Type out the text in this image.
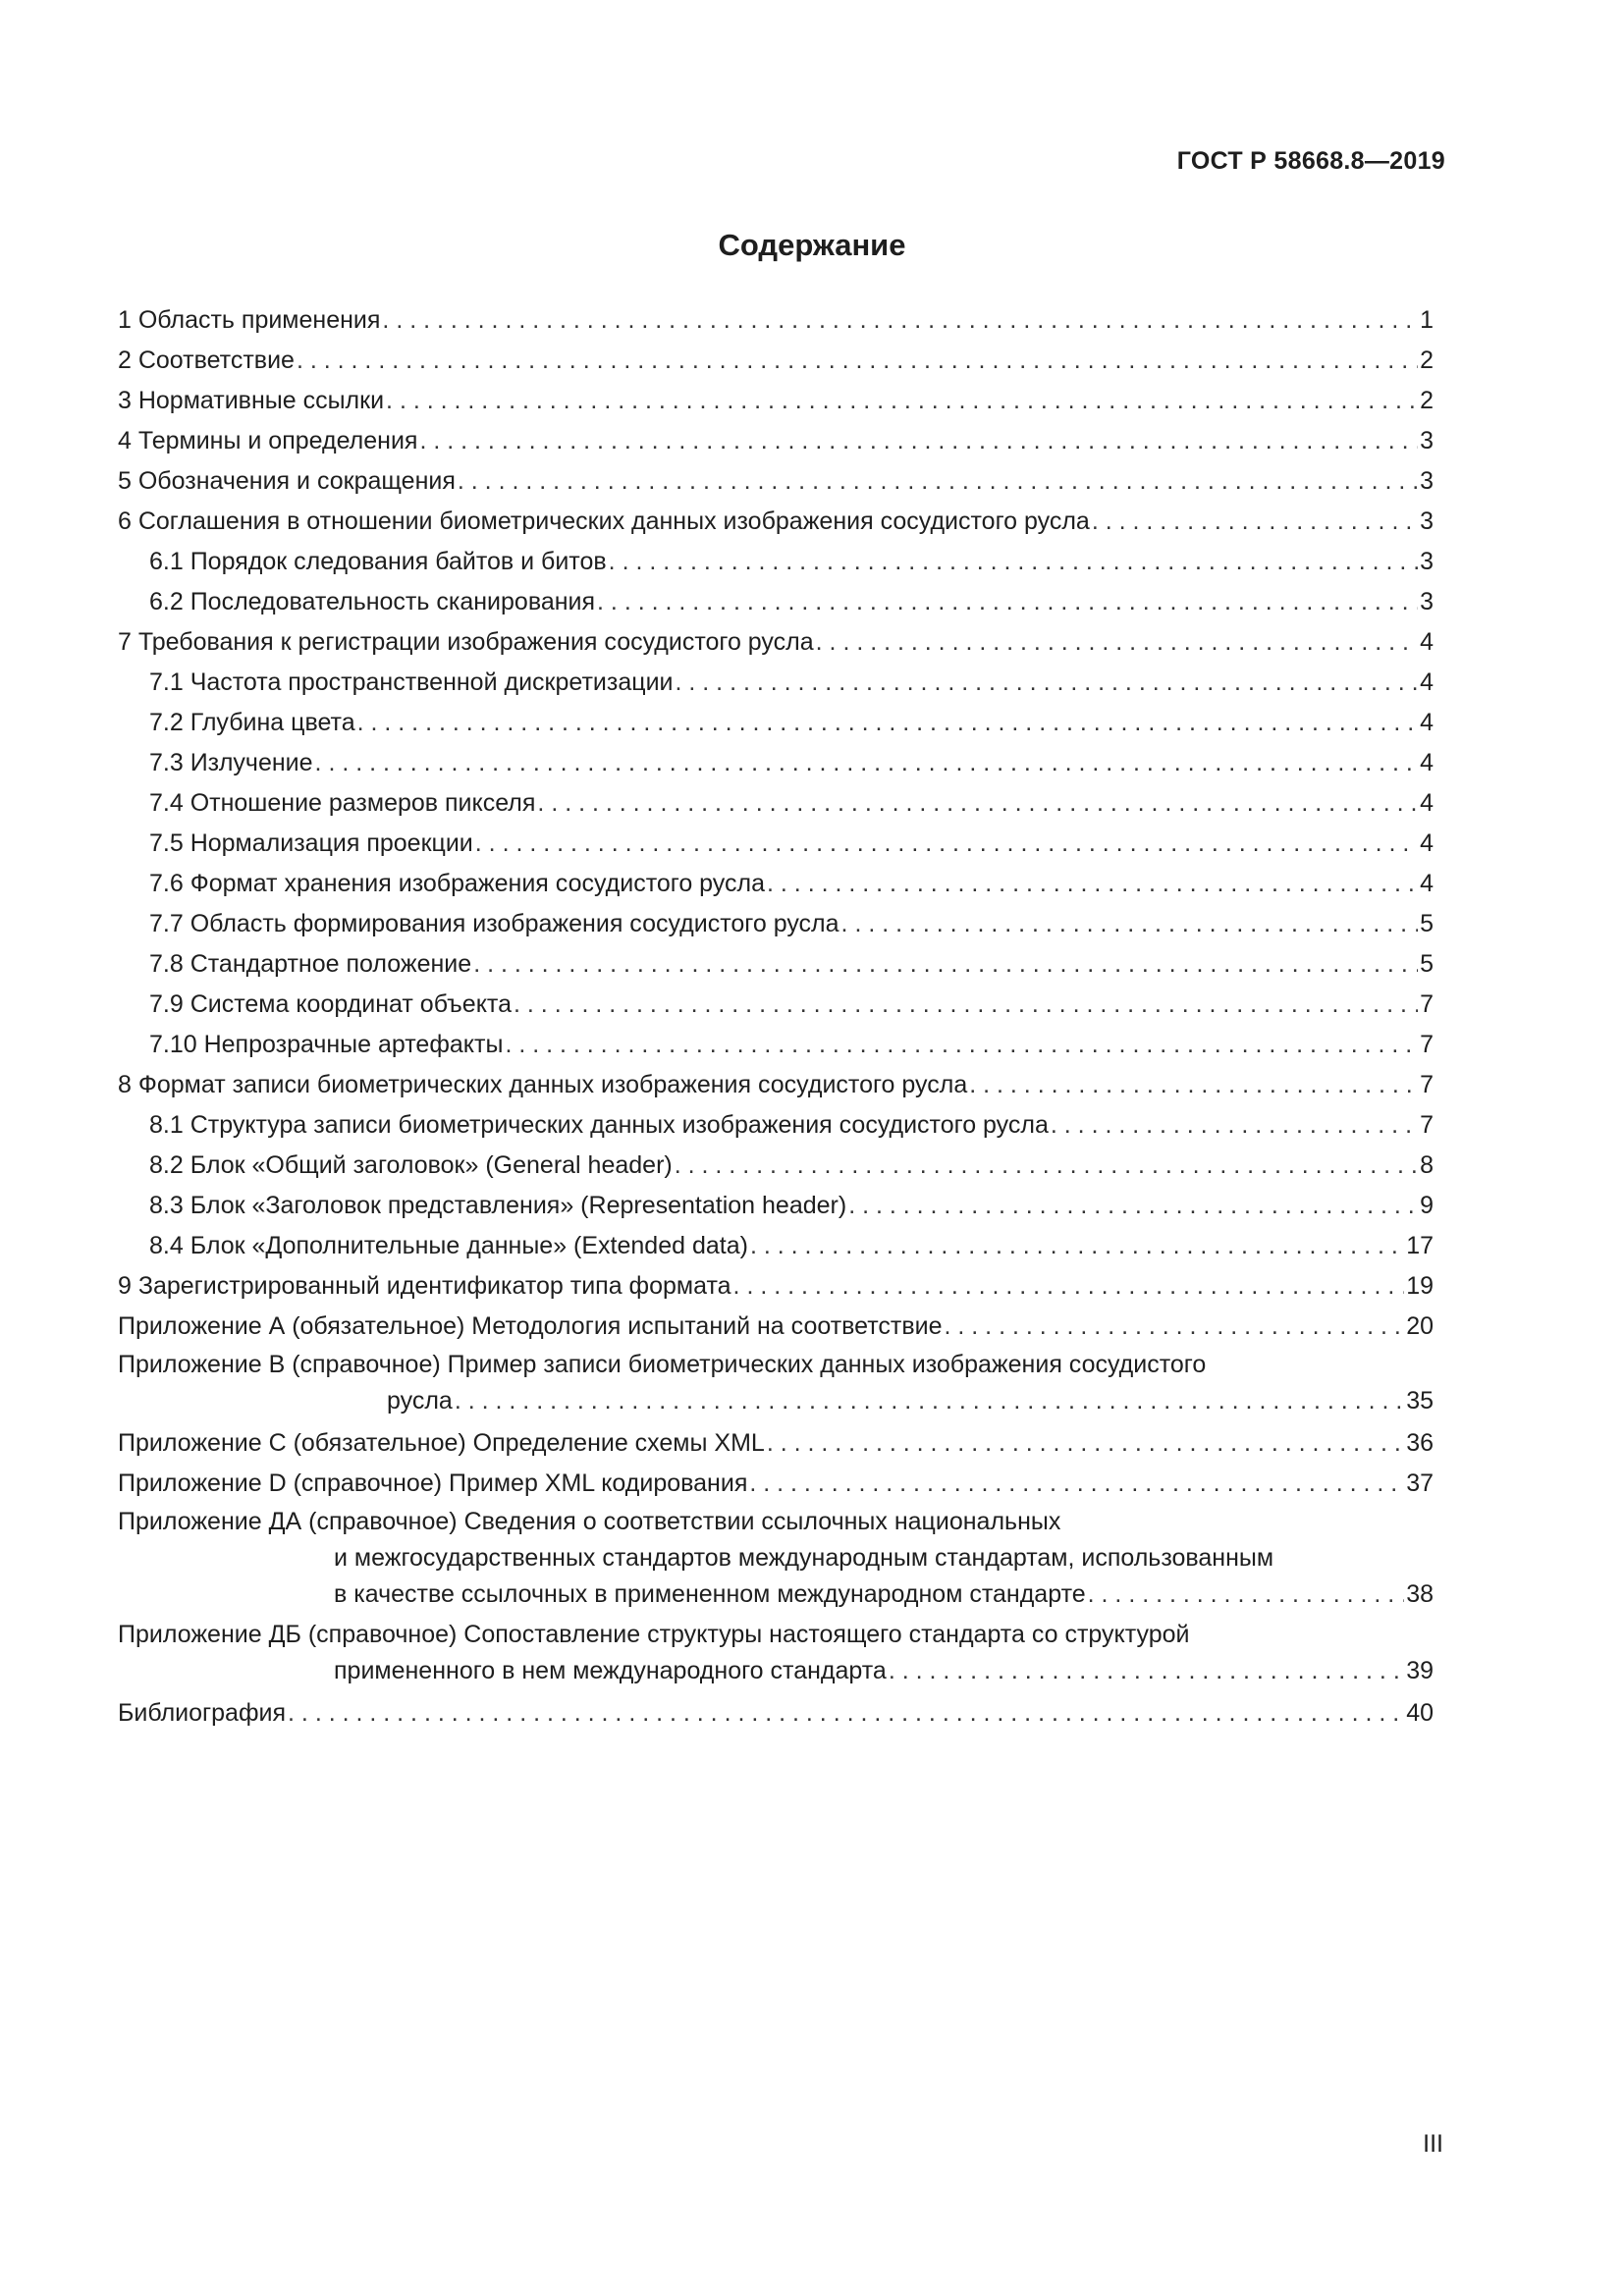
ГОСТ Р 58668.8—2019
Содержание
1 Область применения . . .	1
2 Соответствие . . .	2
3 Нормативные ссылки . . .	2
4 Термины и определения . . .	3
5 Обозначения и сокращения . . .	3
6 Соглашения в отношении биометрических данных изображения сосудистого русла . . .	3
6.1 Порядок следования байтов и битов . . .	3
6.2 Последовательность сканирования . . .	3
7 Требования к регистрации изображения сосудистого русла . . .	4
7.1 Частота пространственной дискретизации . . .	4
7.2 Глубина цвета . . .	4
7.3 Излучение . . .	4
7.4 Отношение размеров пикселя . . .	4
7.5 Нормализация проекции . . .	4
7.6 Формат хранения изображения сосудистого русла . . .	4
7.7 Область формирования изображения сосудистого русла . . .	5
7.8 Стандартное положение . . .	5
7.9 Система координат объекта . . .	7
7.10 Непрозрачные артефакты . . .	7
8 Формат записи биометрических данных изображения сосудистого русла . . .	7
8.1 Структура записи биометрических данных изображения сосудистого русла . . .	7
8.2 Блок «Общий заголовок» (General header) . . .	8
8.3 Блок «Заголовок представления» (Representation header) . . .	9
8.4 Блок «Дополнительные данные» (Extended data) . . .	17
9 Зарегистрированный идентификатор типа формата . . .	19
Приложение А (обязательное) Методология испытаний на соответствие . . .	20
Приложение В (справочное) Пример записи биометрических данных изображения сосудистого
русла . . .	35
Приложение С (обязательное) Определение схемы XML . . .	36
Приложение D (справочное) Пример XML кодирования . . .	37
Приложение ДА (справочное) Сведения о соответствии ссылочных национальных
и межгосударственных стандартов международным стандартам, использованным
в качестве ссылочных в примененном международном стандарте . . .	38
Приложение ДБ (справочное) Сопоставление структуры настоящего стандарта со структурой
примененного в нем международного стандарта . . .	39
Библиография . . .	40
III
